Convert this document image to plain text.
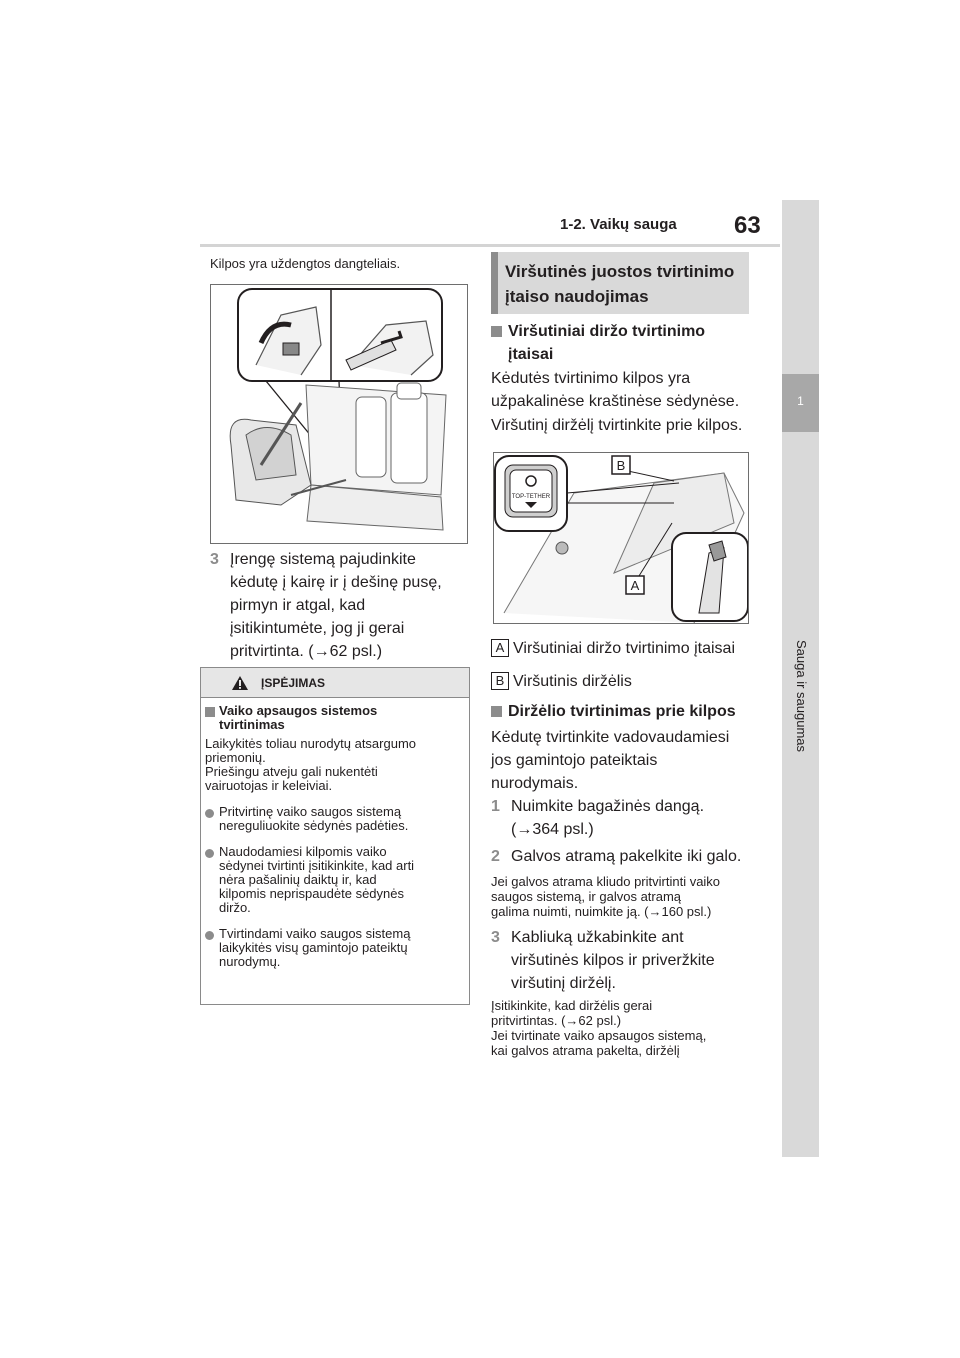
1-2. Vaikų sauga 63
1
Sauga ir saugumas
Kilpos yra uždengtos dangteliais.
3 Įrengę sistemą pajudinkite
kėdutę į kairę ir į dešinę pusę,
pirmyn ir atgal, kad
įsitikintumėte, jog ji gerai
pritvirtinta. (→62 psl.)
ĮSPĖJIMAS
Vaiko apsaugos sistemos
tvirtinimas
Laikykitės toliau nurodytų atsargumo
priemonių.
Priešingu atveju gali nukentėti
vairuotojas ir keleiviai.
Pritvirtinę vaiko saugos sistemą
nereguliuokite sėdynės padėties.
Naudodamiesi kilpomis vaiko
sėdynei tvirtinti įsitikinkite, kad arti
nėra pašalinių daiktų ir, kad
kilpomis neprispaudėte sėdynės
diržo.
Tvirtindami vaiko saugos sistemą
laikykitės visų gamintojo pateiktų
nurodymų.
Viršutinės juostos tvirtinimo
įtaiso naudojimas
Viršutiniai diržo tvirtinimo
įtaisai
Kėdutės tvirtinimo kilpos yra
užpakalinėse kraštinėse sėdynėse.
Viršutinį diržėlį tvirtinkite prie kilpos.
TOP-TETHER
B
A
A Viršutiniai diržo tvirtinimo įtaisai
B Viršutinis diržėlis
Diržėlio tvirtinimas prie kilpos
Kėdutę tvirtinkite vadovaudamiesi
jos gamintojo pateiktais
nurodymais.
1 Nuimkite bagažinės dangą.
(→364 psl.)
2 Galvos atramą pakelkite iki galo.
Jei galvos atrama kliudo pritvirtinti vaiko
saugos sistemą, ir galvos atramą
galima nuimti, nuimkite ją. (→160 psl.)
3 Kabliuką užkabinkite ant
viršutinės kilpos ir priveržkite
viršutinį diržėlį.
Įsitikinkite, kad diržėlis gerai
pritvirtintas. (→62 psl.)
Jei tvirtinate vaiko apsaugos sistemą,
kai galvos atrama pakelta, diržėlį
